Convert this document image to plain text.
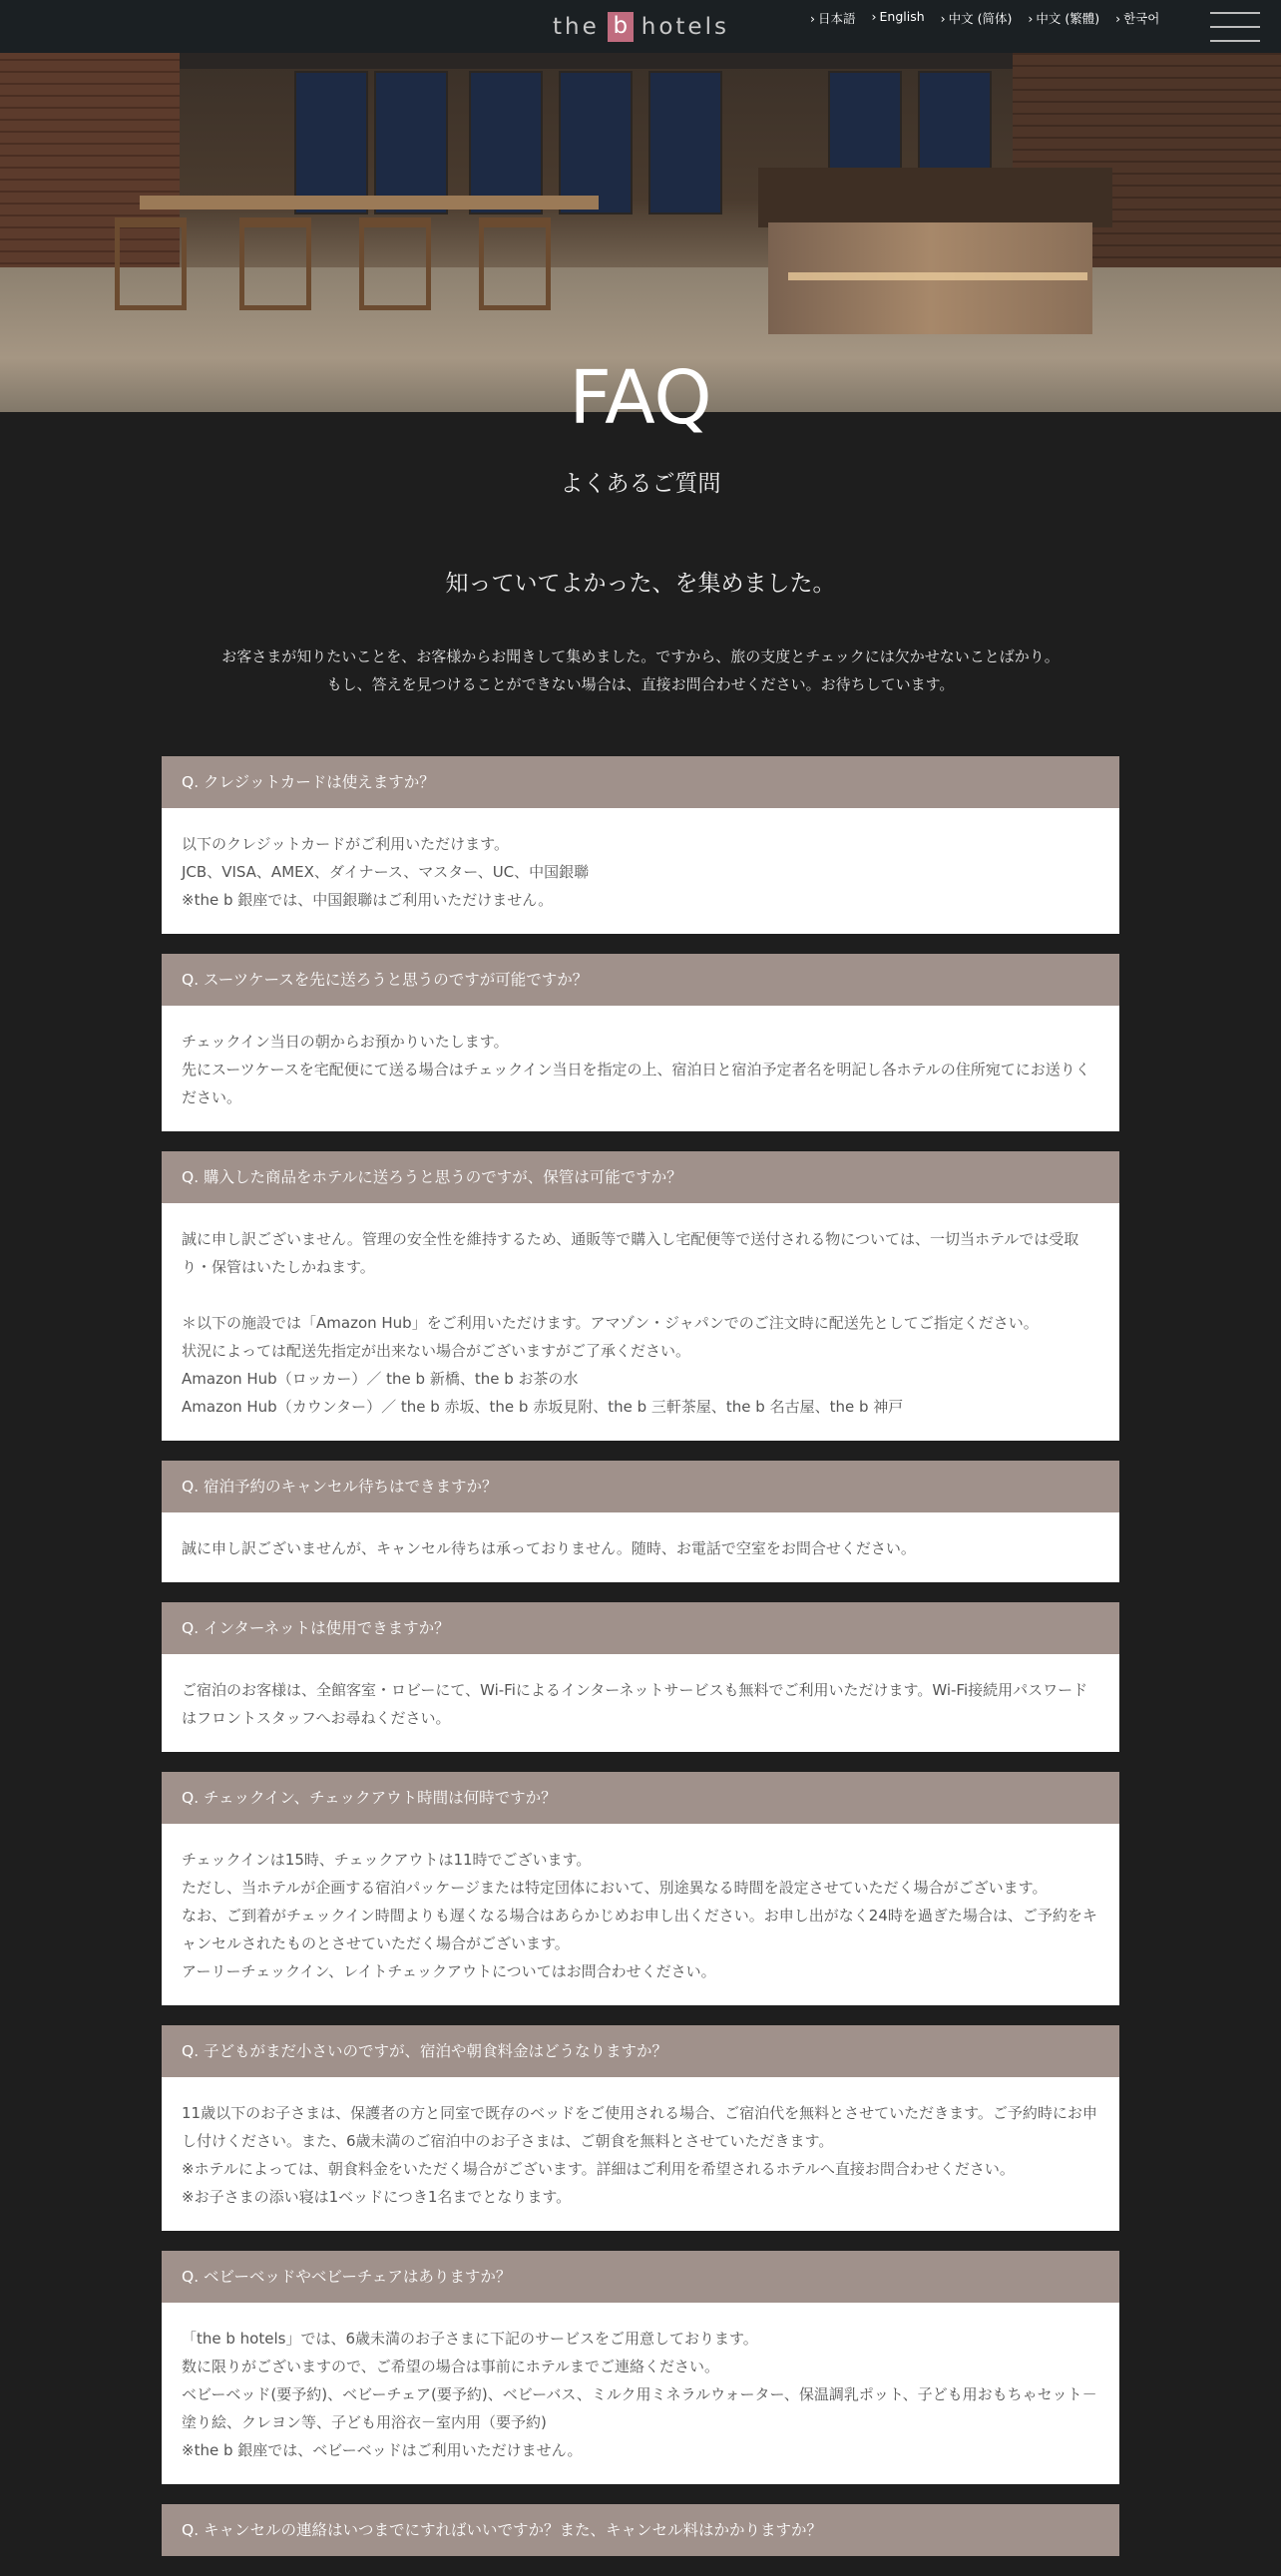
the b hotels	› 日本語 › English › 中文 (简体) › 中文 (繁體) › 한국어
FAQ
よくあるご質問
知っていてよかった、を集めました。

お客さまが知りたいことを、お客様からお聞きして集めました。ですから、旅の支度とチェックには欠かせないことばかり。

もし、答えを見つけることができない場合は、直接お問合わせください。お待ちしています。

Q. クレジットカードは使えますか？

以下のクレジットカードがご利用いただけます。

JCB、VISA、AMEX、ダイナース、マスター、UC、中国銀聯

※the b 銀座では、中国銀聯はご利用いただけません。

Q. スーツケースを先に送ろうと思うのですが可能ですか？

チェックイン当日の朝からお預かりいたします。

先にスーツケースを宅配便にて送る場合はチェックイン当日を指定の上、宿泊日と宿泊予定者名を明記し各ホテルの住所宛てにお送りください。

Q. 購入した商品をホテルに送ろうと思うのですが、保管は可能ですか？

誠に申し訳ございません。管理の安全性を維持するため、通販等で購入し宅配便等で送付される物については、一切当ホテルでは受取り・保管はいたしかねます。

＊以下の施設では「Amazon Hub」をご利用いただけます。アマゾン・ジャパンでのご注文時に配送先としてご指定ください。

状況によっては配送先指定が出来ない場合がございますがご了承ください。

Amazon Hub（ロッカー）／ the b 新橋、the b お茶の水

Amazon Hub（カウンター）／ the b 赤坂、the b 赤坂見附、the b 三軒茶屋、the b 名古屋、the b 神戸

Q. 宿泊予約のキャンセル待ちはできますか？

誠に申し訳ございませんが、キャンセル待ちは承っておりません。随時、お電話で空室をお問合せください。

Q. インターネットは使用できますか？

ご宿泊のお客様は、全館客室・ロビーにて、Wi-Fiによるインターネットサービスも無料でご利用いただけます。Wi-Fi接続用パスワードはフロントスタッフへお尋ねください。

Q. チェックイン、チェックアウト時間は何時ですか？

チェックインは15時、チェックアウトは11時でございます。

ただし、当ホテルが企画する宿泊パッケージまたは特定団体において、別途異なる時間を設定させていただく場合がございます。

なお、ご到着がチェックイン時間よりも遅くなる場合はあらかじめお申し出ください。お申し出がなく24時を過ぎた場合は、ご予約をキャンセルされたものとさせていただく場合がございます。

アーリーチェックイン、レイトチェックアウトについてはお問合わせください。

Q. 子どもがまだ小さいのですが、宿泊や朝食料金はどうなりますか？

11歳以下のお子さまは、保護者の方と同室で既存のベッドをご使用される場合、ご宿泊代を無料とさせていただきます。ご予約時にお申し付けください。また、6歳未満のご宿泊中のお子さまは、ご朝食を無料とさせていただきます。

※ホテルによっては、朝食料金をいただく場合がございます。詳細はご利用を希望されるホテルへ直接お問合わせください。

※お子さまの添い寝は1ベッドにつき1名までとなります。

Q. ベビーベッドやベビーチェアはありますか？

「the b hotels」では、6歳未満のお子さまに下記のサービスをご用意しております。

数に限りがございますので、ご希望の場合は事前にホテルまでご連絡ください。

ベビーベッド(要予約)、ベビーチェア(要予約)、ベビーバス、ミルク用ミネラルウォーター、保温調乳ポット、子ども用おもちゃセット－塗り絵、クレヨン等、子ども用浴衣－室内用（要予約)

※the b 銀座では、ベビーベッドはご利用いただけません。

Q. キャンセルの連絡はいつまでにすればいいですか？また、キャンセル料はかかりますか？
